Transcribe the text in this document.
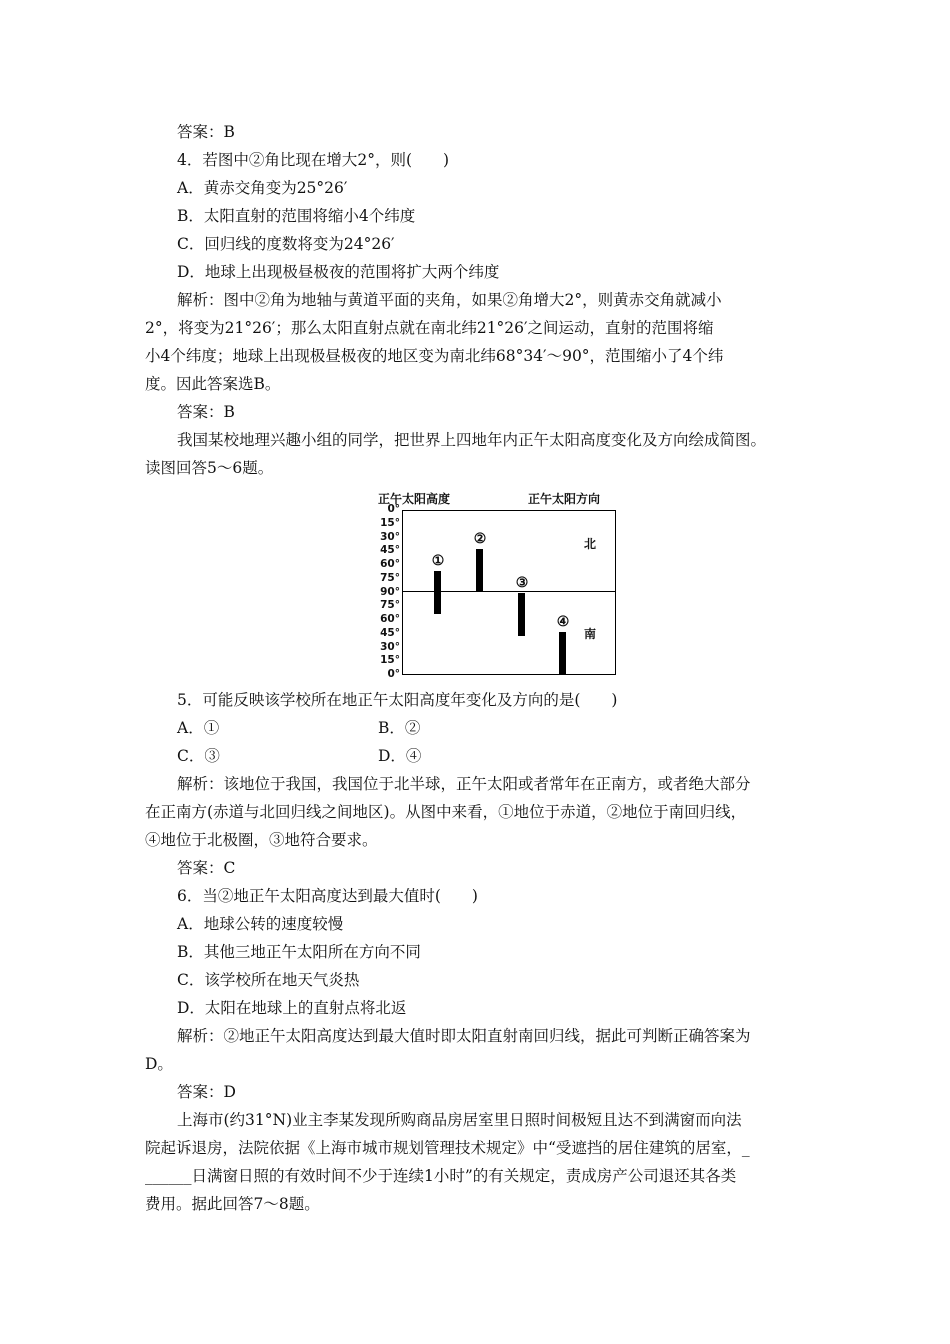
答案：B
4．若图中②角比现在增大2°，则(　　)
A．黄赤交角变为25°26′
B．太阳直射的范围将缩小4个纬度
C．回归线的度数将变为24°26′
D．地球上出现极昼极夜的范围将扩大两个纬度
解析：图中②角为地轴与黄道平面的夹角，如果②角增大2°，则黄赤交角就减小
2°，将变为21°26′；那么太阳直射点就在南北纬21°26′之间运动，直射的范围将缩
小4个纬度；地球上出现极昼极夜的地区变为南北纬68°34′～90°，范围缩小了4个纬
度。因此答案选B。
答案：B
我国某校地理兴趣小组的同学，把世界上四地年内正午太阳高度变化及方向绘成简图。
读图回答5～6题。
正午太阳高度	正午太阳方向
0°
15°
30°
45°
60°
75°
90°
75°
60°
45°
30°
15°
0°
①
②
③
④
北
南
5．可能反映该学校所在地正午太阳高度年变化及方向的是(　　)
A．①	B．②
C．③	D．④
解析：该地位于我国，我国位于北半球，正午太阳或者常年在正南方，或者绝大部分
在正南方(赤道与北回归线之间地区)。从图中来看，①地位于赤道，②地位于南回归线，
④地位于北极圈，③地符合要求。
答案：C
6．当②地正午太阳高度达到最大值时(　　)
A．地球公转的速度较慢
B．其他三地正午太阳所在方向不同
C．该学校所在地天气炎热
D．太阳在地球上的直射点将北返
解析：②地正午太阳高度达到最大值时即太阳直射南回归线，据此可判断正确答案为
D。
答案：D
上海市(约31°N)业主李某发现所购商品房居室里日照时间极短且达不到满窗而向法
院起诉退房，法院依据《上海市城市规划管理技术规定》中“受遮挡的居住建筑的居室，_
______日满窗日照的有效时间不少于连续1小时”的有关规定，责成房产公司退还其各类
费用。据此回答7～8题。
